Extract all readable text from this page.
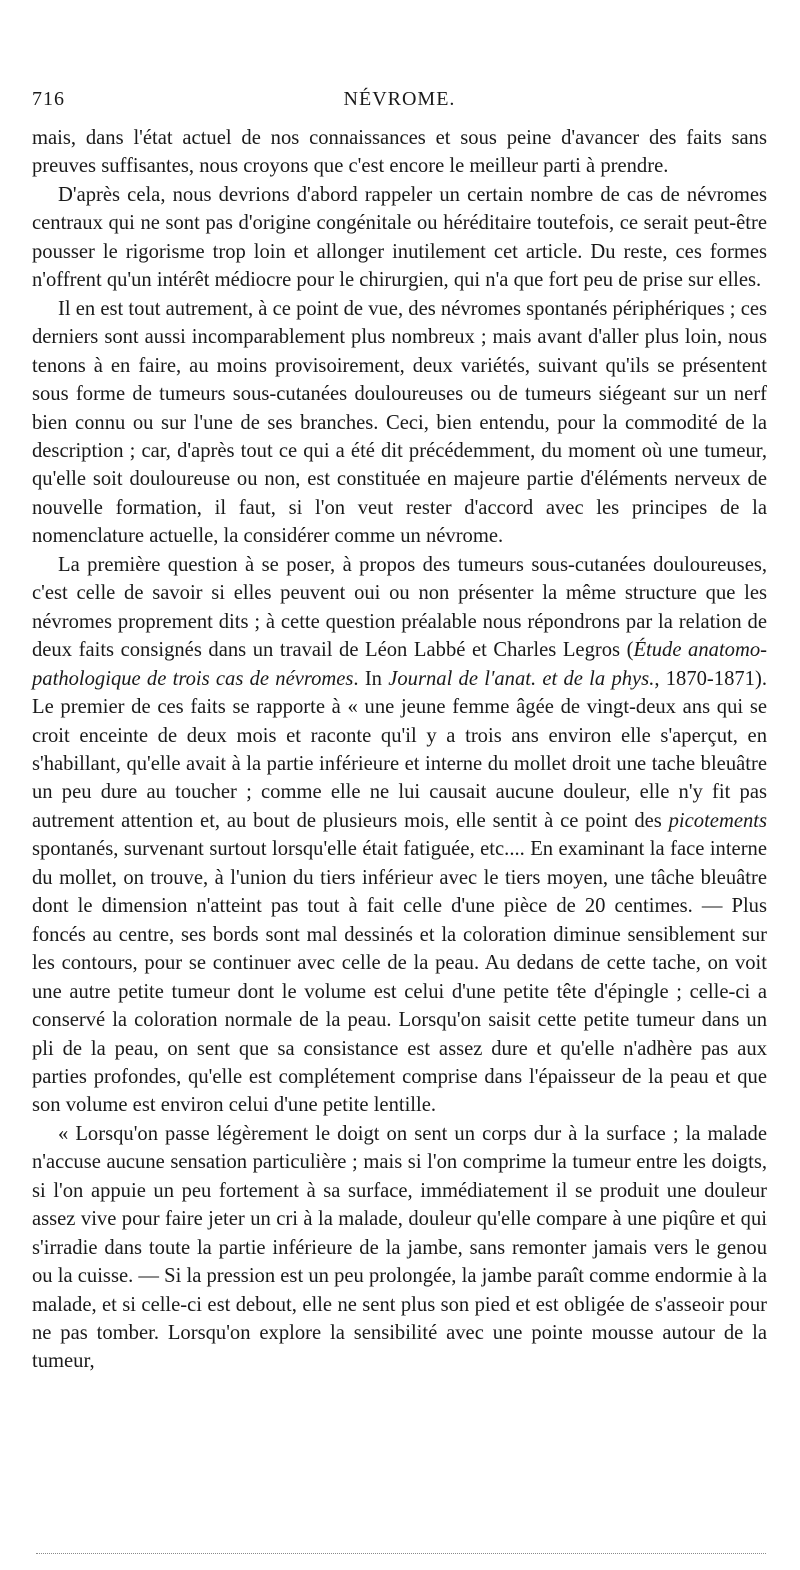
716	NÉVROME.

mais, dans l'état actuel de nos connaissances et sous peine d'avancer des faits sans preuves suffisantes, nous croyons que c'est encore le meilleur parti à prendre.

D'après cela, nous devrions d'abord rappeler un certain nombre de cas de névromes centraux qui ne sont pas d'origine congénitale ou héréditaire toutefois, ce serait peut-être pousser le rigorisme trop loin et allonger inutilement cet article. Du reste, ces formes n'offrent qu'un intérêt médiocre pour le chirurgien, qui n'a que fort peu de prise sur elles.

Il en est tout autrement, à ce point de vue, des névromes spontanés périphériques ; ces derniers sont aussi incomparablement plus nombreux ; mais avant d'aller plus loin, nous tenons à en faire, au moins provisoirement, deux variétés, suivant qu'ils se présentent sous forme de tumeurs sous-cutanées douloureuses ou de tumeurs siégeant sur un nerf bien connu ou sur l'une de ses branches. Ceci, bien entendu, pour la commodité de la description ; car, d'après tout ce qui a été dit précédemment, du moment où une tumeur, qu'elle soit douloureuse ou non, est constituée en majeure partie d'éléments nerveux de nouvelle formation, il faut, si l'on veut rester d'accord avec les principes de la nomenclature actuelle, la considérer comme un névrome.

La première question à se poser, à propos des tumeurs sous-cutanées douloureuses, c'est celle de savoir si elles peuvent oui ou non présenter la même structure que les névromes proprement dits ; à cette question préalable nous répondrons par la relation de deux faits consignés dans un travail de Léon Labbé et Charles Legros (Étude anatomo-pathologique de trois cas de névromes. In Journal de l'anat. et de la phys., 1870-1871). Le premier de ces faits se rapporte à « une jeune femme âgée de vingt-deux ans qui se croit enceinte de deux mois et raconte qu'il y a trois ans environ elle s'aperçut, en s'habillant, qu'elle avait à la partie inférieure et interne du mollet droit une tache bleuâtre un peu dure au toucher ; comme elle ne lui causait aucune douleur, elle n'y fit pas autrement attention et, au bout de plusieurs mois, elle sentit à ce point des picotements spontanés, survenant surtout lorsqu'elle était fatiguée, etc.... En examinant la face interne du mollet, on trouve, à l'union du tiers inférieur avec le tiers moyen, une tâche bleuâtre dont le dimension n'atteint pas tout à fait celle d'une pièce de 20 centimes. — Plus foncés au centre, ses bords sont mal dessinés et la coloration diminue sensiblement sur les contours, pour se continuer avec celle de la peau. Au dedans de cette tache, on voit une autre petite tumeur dont le volume est celui d'une petite tête d'épingle ; celle-ci a conservé la coloration normale de la peau. Lorsqu'on saisit cette petite tumeur dans un pli de la peau, on sent que sa consistance est assez dure et qu'elle n'adhère pas aux parties profondes, qu'elle est complétement comprise dans l'épaisseur de la peau et que son volume est environ celui d'une petite lentille.

« Lorsqu'on passe légèrement le doigt on sent un corps dur à la surface ; la malade n'accuse aucune sensation particulière ; mais si l'on comprime la tumeur entre les doigts, si l'on appuie un peu fortement à sa surface, immédiatement il se produit une douleur assez vive pour faire jeter un cri à la malade, douleur qu'elle compare à une piqûre et qui s'irradie dans toute la partie inférieure de la jambe, sans remonter jamais vers le genou ou la cuisse. — Si la pression est un peu prolongée, la jambe paraît comme endormie à la malade, et si celle-ci est debout, elle ne sent plus son pied et est obligée de s'asseoir pour ne pas tomber. Lorsqu'on explore la sensibilité avec une pointe mousse autour de la tumeur,
